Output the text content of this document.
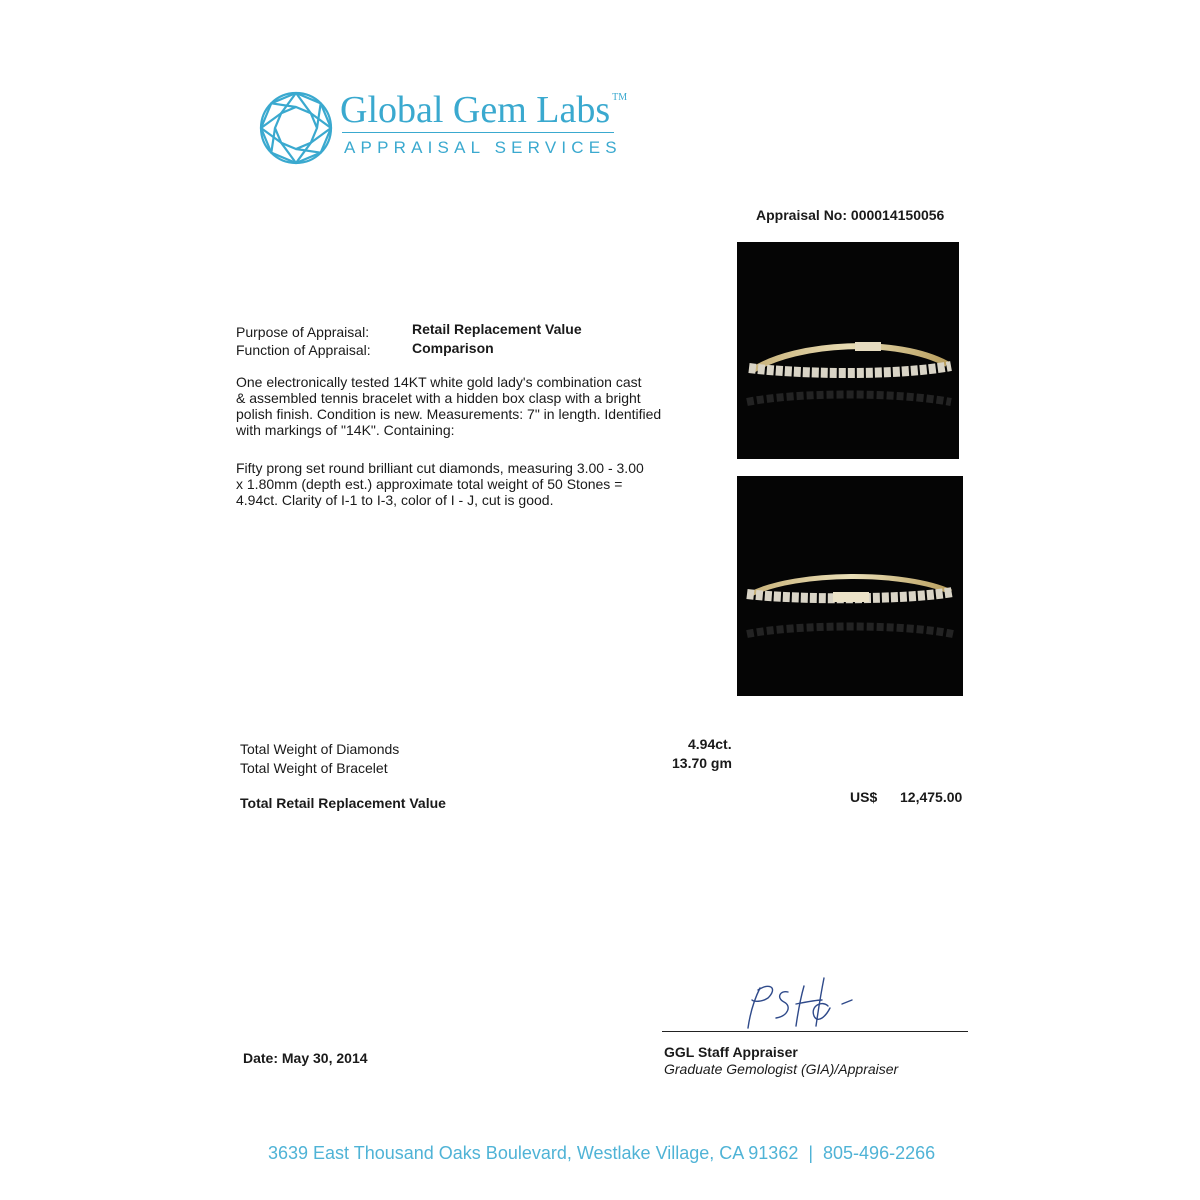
Global Gem Labs ™
APPRAISAL SERVICES
Appraisal No: 000014150056
Purpose of Appraisal:	Retail Replacement Value
Function of Appraisal:	Comparison
One electronically tested 14KT white gold lady's combination cast
& assembled tennis bracelet with a hidden box clasp with a bright
polish finish. Condition is new. Measurements: 7" in length. Identified
with markings of "14K". Containing:
Fifty prong set round brilliant cut diamonds, measuring 3.00 - 3.00
x 1.80mm (depth est.) approximate total weight of 50 Stones =
4.94ct. Clarity of I-1 to I-3, color of I - J, cut is good.
Total Weight of Diamonds	4.94ct.
Total Weight of Bracelet	13.70 gm
Total Retail Replacement Value	US$ 12,475.00
GGL Staff Appraiser
Graduate Gemologist (GIA)/Appraiser
Date: May 30, 2014
3639 East Thousand Oaks Boulevard, Westlake Village, CA 91362  |  805-496-2266
